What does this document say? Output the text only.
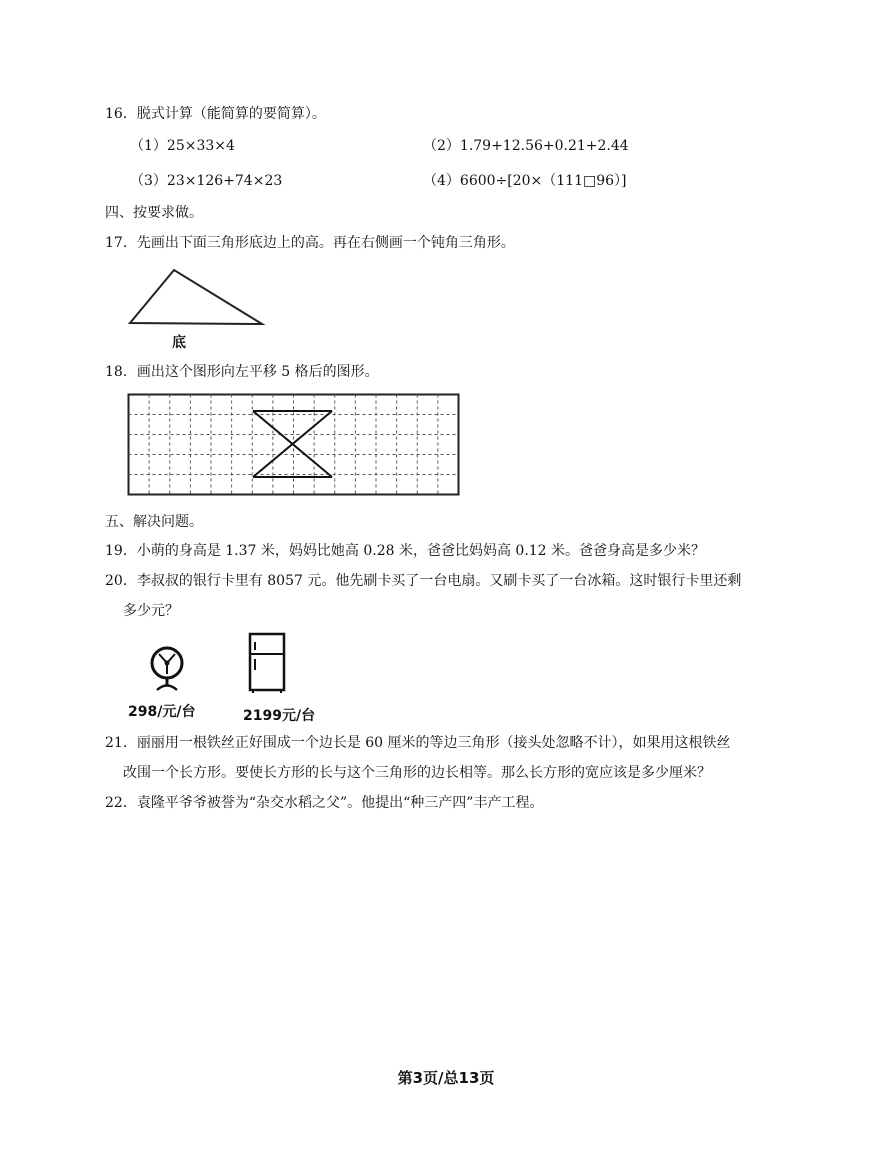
16．脱式计算（能简算的要简算）。
（1）25×33×4	（2）1.79+12.56+0.21+2.44
（3）23×126+74×23	（4）6600÷[20×（111□96）]
四、按要求做。
17．先画出下面三角形底边上的高。再在右侧画一个钝角三角形。
底
18．画出这个图形向左平移 5 格后的图形。
五、解决问题。
19．小萌的身高是 1.37 米，妈妈比她高 0.28 米，爸爸比妈妈高 0.12 米。爸爸身高是多少米？
20．李叔叔的银行卡里有 8057 元。他先刷卡买了一台电扇。又刷卡买了一台冰箱。这时银行卡里还剩
多少元？
298/元/台	2199元/台
21．丽丽用一根铁丝正好围成一个边长是 60 厘米的等边三角形（接头处忽略不计），如果用这根铁丝
改围一个长方形。要使长方形的长与这个三角形的边长相等。那么长方形的宽应该是多少厘米？
22．袁隆平爷爷被誉为“杂交水稻之父”。他提出“种三产四”丰产工程。
第3页/总13页
